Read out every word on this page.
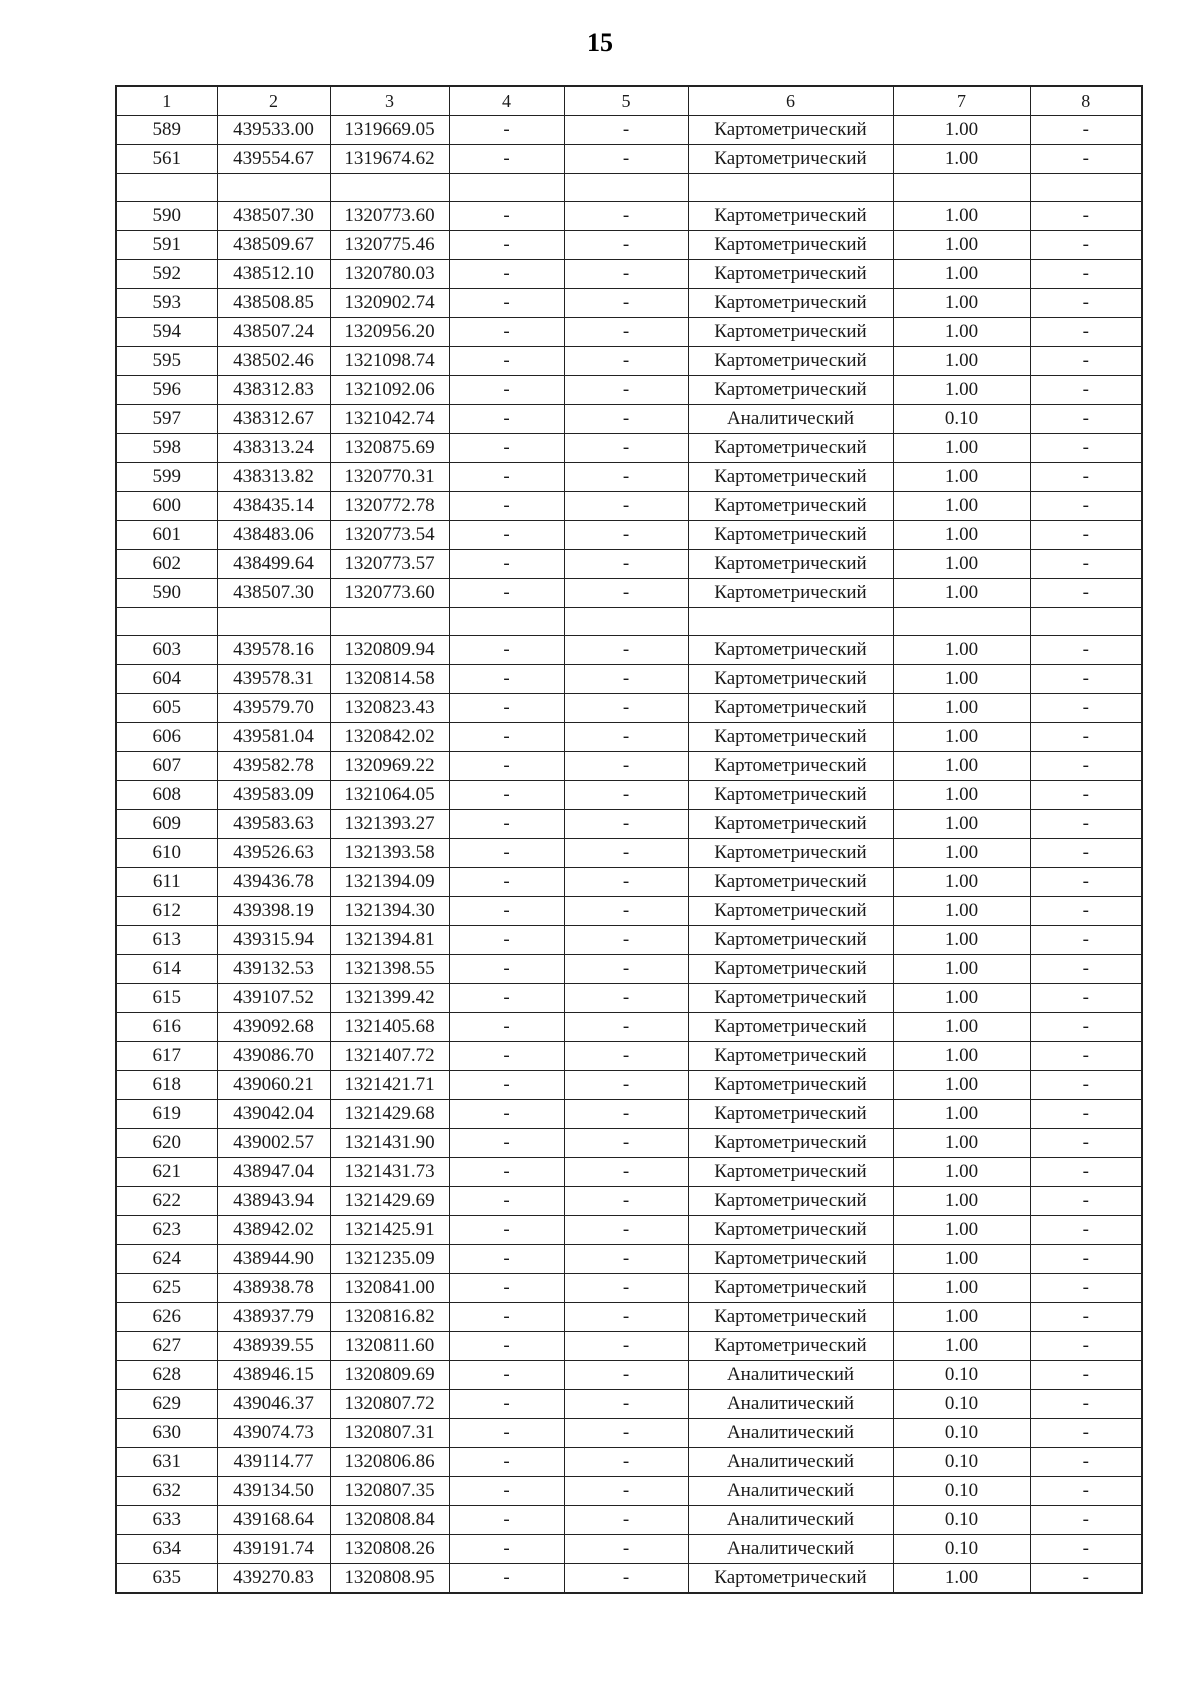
15
1	2	3	4	5	6	7	8
589	439533.00	1319669.05	-	-	Картометрический	1.00	-
561	439554.67	1319674.62	-	-	Картометрический	1.00	-

590	438507.30	1320773.60	-	-	Картометрический	1.00	-
591	438509.67	1320775.46	-	-	Картометрический	1.00	-
592	438512.10	1320780.03	-	-	Картометрический	1.00	-
593	438508.85	1320902.74	-	-	Картометрический	1.00	-
594	438507.24	1320956.20	-	-	Картометрический	1.00	-
595	438502.46	1321098.74	-	-	Картометрический	1.00	-
596	438312.83	1321092.06	-	-	Картометрический	1.00	-
597	438312.67	1321042.74	-	-	Аналитический	0.10	-
598	438313.24	1320875.69	-	-	Картометрический	1.00	-
599	438313.82	1320770.31	-	-	Картометрический	1.00	-
600	438435.14	1320772.78	-	-	Картометрический	1.00	-
601	438483.06	1320773.54	-	-	Картометрический	1.00	-
602	438499.64	1320773.57	-	-	Картометрический	1.00	-
590	438507.30	1320773.60	-	-	Картометрический	1.00	-

603	439578.16	1320809.94	-	-	Картометрический	1.00	-
604	439578.31	1320814.58	-	-	Картометрический	1.00	-
605	439579.70	1320823.43	-	-	Картометрический	1.00	-
606	439581.04	1320842.02	-	-	Картометрический	1.00	-
607	439582.78	1320969.22	-	-	Картометрический	1.00	-
608	439583.09	1321064.05	-	-	Картометрический	1.00	-
609	439583.63	1321393.27	-	-	Картометрический	1.00	-
610	439526.63	1321393.58	-	-	Картометрический	1.00	-
611	439436.78	1321394.09	-	-	Картометрический	1.00	-
612	439398.19	1321394.30	-	-	Картометрический	1.00	-
613	439315.94	1321394.81	-	-	Картометрический	1.00	-
614	439132.53	1321398.55	-	-	Картометрический	1.00	-
615	439107.52	1321399.42	-	-	Картометрический	1.00	-
616	439092.68	1321405.68	-	-	Картометрический	1.00	-
617	439086.70	1321407.72	-	-	Картометрический	1.00	-
618	439060.21	1321421.71	-	-	Картометрический	1.00	-
619	439042.04	1321429.68	-	-	Картометрический	1.00	-
620	439002.57	1321431.90	-	-	Картометрический	1.00	-
621	438947.04	1321431.73	-	-	Картометрический	1.00	-
622	438943.94	1321429.69	-	-	Картометрический	1.00	-
623	438942.02	1321425.91	-	-	Картометрический	1.00	-
624	438944.90	1321235.09	-	-	Картометрический	1.00	-
625	438938.78	1320841.00	-	-	Картометрический	1.00	-
626	438937.79	1320816.82	-	-	Картометрический	1.00	-
627	438939.55	1320811.60	-	-	Картометрический	1.00	-
628	438946.15	1320809.69	-	-	Аналитический	0.10	-
629	439046.37	1320807.72	-	-	Аналитический	0.10	-
630	439074.73	1320807.31	-	-	Аналитический	0.10	-
631	439114.77	1320806.86	-	-	Аналитический	0.10	-
632	439134.50	1320807.35	-	-	Аналитический	0.10	-
633	439168.64	1320808.84	-	-	Аналитический	0.10	-
634	439191.74	1320808.26	-	-	Аналитический	0.10	-
635	439270.83	1320808.95	-	-	Картометрический	1.00	-
